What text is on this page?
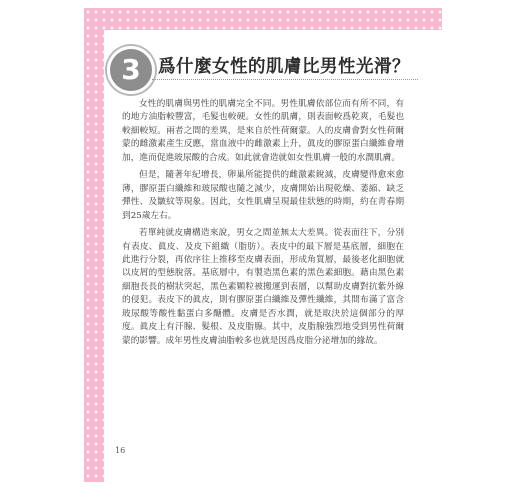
3 爲什麼女性的肌膚比男性光滑？

女性的肌膚與男性的肌膚完全不同。男性肌膚依部位而有所不同，有的地方油脂較豐富，毛髮也較硬。女性的肌膚，則表面較爲乾爽，毛髮也較細較短。兩者之間的差異，是來自於性荷爾蒙。人的皮膚會對女性荷爾蒙的雌激素產生反應，當血液中的雌激素上升，眞皮的膠原蛋白纖維會增加，進而促進玻尿酸的合成。如此就會造就如女性肌膚一般的水潤肌膚。

但是，隨著年紀增長，卵巢所能提供的雌激素銳減，皮膚變得愈來愈薄，膠原蛋白纖維和玻尿酸也隨之減少，皮膚開始出現乾燥、萎縮、缺乏彈性、及皺紋等現象。因此，女性肌膚呈現最佳狀態的時期，約在靑春期到25歲左右。

若單純就皮膚構造來說，男女之間並無太大差異。從表面往下，分別有表皮、眞皮、及皮下組織（脂肪）。表皮中的最下層是基底層，細胞在此進行分裂，再依序往上推移至皮膚表面，形成角質層，最後老化細胞就以皮屑的型態脫落。基底層中，有製造黑色素的黑色素細胞。藉由黑色素細胞長長的樹狀突起，黑色素顆粒被搬運到表層，以幫助皮膚對抗紫外線的侵犯。表皮下的眞皮，則有膠原蛋白纖維及彈性纖維，其間布滿了富含玻尿酸等酸性黏蛋白多醣體。皮膚是否水潤，就是取決於這個部分的厚度。眞皮上有汗腺、髮根、及皮脂腺。其中，皮脂腺強烈地受到男性荷爾蒙的影響。成年男性皮膚油脂較多也就是因爲皮脂分泌增加的緣故。

16
